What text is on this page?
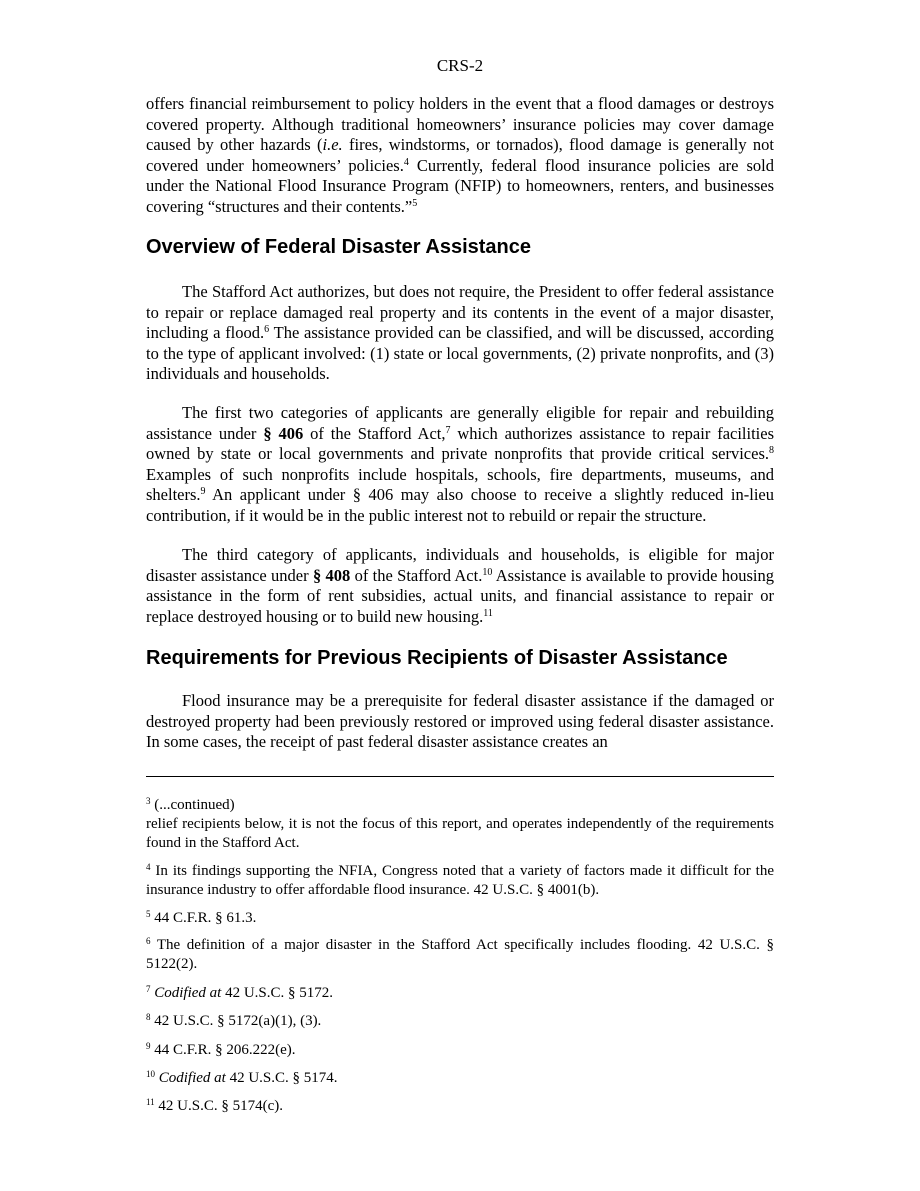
CRS-2

offers financial reimbursement to policy holders in the event that a flood damages or destroys covered property. Although traditional homeowners’ insurance policies may cover damage caused by other hazards (i.e. fires, windstorms, or tornados), flood damage is generally not covered under homeowners’ policies.$^4$ Currently, federal flood insurance policies are sold under the National Flood Insurance Program (NFIP) to homeowners, renters, and businesses covering “structures and their contents.”$^5$

Overview of Federal Disaster Assistance

The Stafford Act authorizes, but does not require, the President to offer federal assistance to repair or replace damaged real property and its contents in the event of a major disaster, including a flood.$^6$ The assistance provided can be classified, and will be discussed, according to the type of applicant involved: (1) state or local governments, (2) private nonprofits, and (3) individuals and households.

The first two categories of applicants are generally eligible for repair and rebuilding assistance under § 406 of the Stafford Act,$^7$ which authorizes assistance to repair facilities owned by state or local governments and private nonprofits that provide critical services.$^8$ Examples of such nonprofits include hospitals, schools, fire departments, museums, and shelters.$^9$ An applicant under § 406 may also choose to receive a slightly reduced in-lieu contribution, if it would be in the public interest not to rebuild or repair the structure.

The third category of applicants, individuals and households, is eligible for major disaster assistance under § 408 of the Stafford Act.$^{10}$ Assistance is available to provide housing assistance in the form of rent subsidies, actual units, and financial assistance to repair or replace destroyed housing or to build new housing.$^{11}$

Requirements for Previous Recipients of Disaster Assistance

Flood insurance may be a prerequisite for federal disaster assistance if the damaged or destroyed property had been previously restored or improved using federal disaster assistance. In some cases, the receipt of past federal disaster assistance creates an

$^3$ (...continued)

relief recipients below, it is not the focus of this report, and operates independently of the requirements found in the Stafford Act.

$^4$ In its findings supporting the NFIA, Congress noted that a variety of factors made it difficult for the insurance industry to offer affordable flood insurance. 42 U.S.C. § 4001(b).

$^5$ 44 C.F.R. § 61.3.

$^6$ The definition of a major disaster in the Stafford Act specifically includes flooding. 42 U.S.C. § 5122(2).

$^7$ Codified at 42 U.S.C. § 5172.

$^8$ 42 U.S.C. § 5172(a)(1), (3).

$^9$ 44 C.F.R. § 206.222(e).

$^{10}$ Codified at 42 U.S.C. § 5174.

$^{11}$ 42 U.S.C. § 5174(c).
